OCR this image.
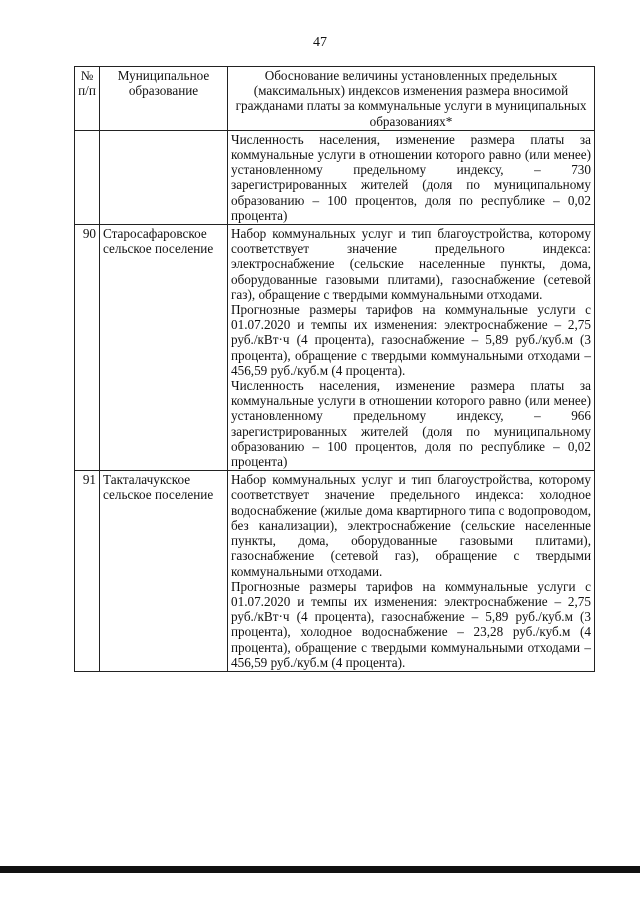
47
№ п/п	Муниципальное образование	Обоснование величины установленных предельных (максимальных) индексов изменения размера вносимой гражданами платы за коммунальные услуги в муниципальных образованиях*

		Численность населения, изменение размера платы за коммунальные услуги в отношении которого равно (или менее) установленному предельному индексу, – 730 зарегистрированных жителей (доля по муниципальному образованию – 100 процентов, доля по республике – 0,02 процента)

90	Старосафаровское сельское поселение	Набор коммунальных услуг и тип благоустройства, которому соответствует значение предельного индекса: электроснабжение (сельские населенные пункты, дома, оборудованные газовыми плитами), газоснабжение (сетевой газ), обращение с твердыми коммунальными отходами.

Прогнозные размеры тарифов на коммунальные услуги с 01.07.2020 и темпы их изменения: электроснабжение – 2,75 руб./кВт·ч (4 процента), газоснабжение – 5,89 руб./куб.м (3 процента), обращение с твердыми коммунальными отходами – 456,59 руб./куб.м (4 процента).

Численность населения, изменение размера платы за коммунальные услуги в отношении которого равно (или менее) установленному предельному индексу, – 966 зарегистрированных жителей (доля по муниципальному образованию – 100 процентов, доля по республике – 0,02 процента)

91	Такталачукское сельское поселение	Набор коммунальных услуг и тип благоустройства, которому соответствует значение предельного индекса: холодное водоснабжение (жилые дома квартирного типа с водопроводом, без канализации), электроснабжение (сельские населенные пункты, дома, оборудованные газовыми плитами), газоснабжение (сетевой газ), обращение с твердыми коммунальными отходами.

Прогнозные размеры тарифов на коммунальные услуги с 01.07.2020 и темпы их изменения: электроснабжение – 2,75 руб./кВт·ч (4 процента), газоснабжение – 5,89 руб./куб.м (3 процента), холодное водоснабжение – 23,28 руб./куб.м (4 процента), обращение с твердыми коммунальными отходами – 456,59 руб./куб.м (4 процента).
